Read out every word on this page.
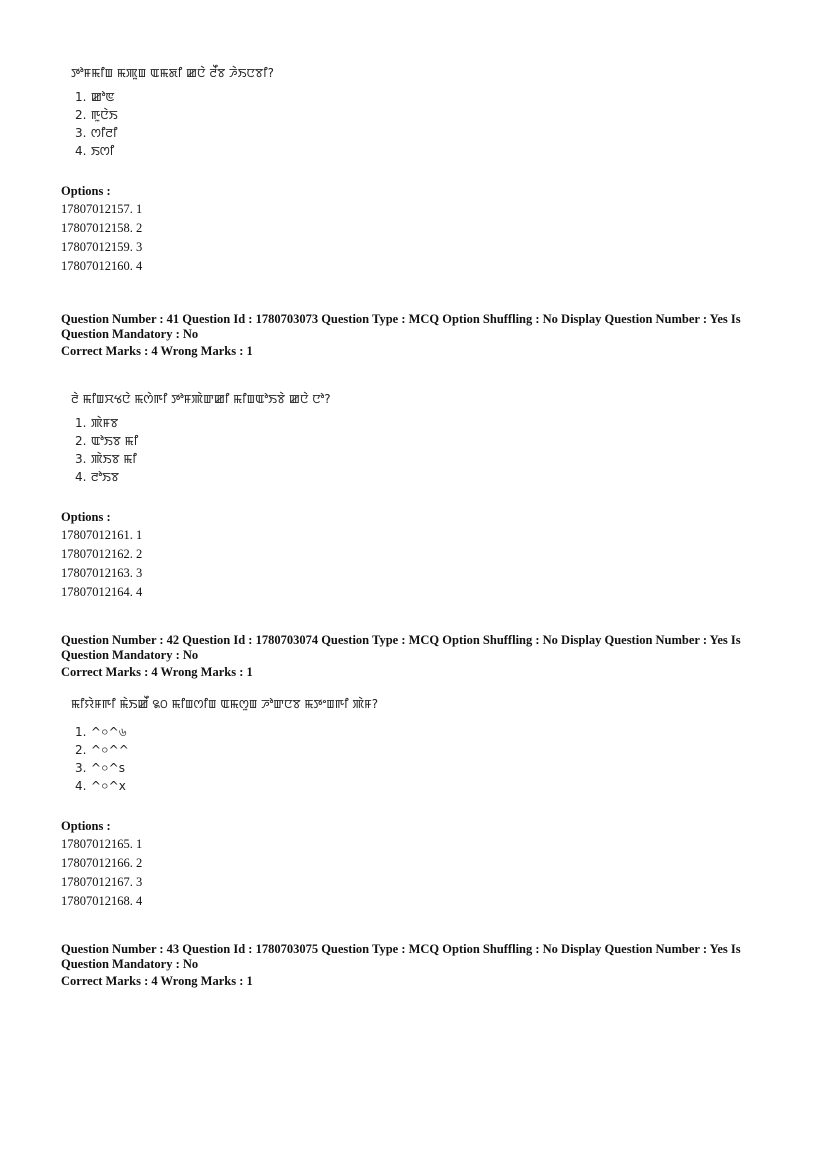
ꯇꯣꯝꯃꯤꯡ ꯃꯄꯨꯡ ꯑꯃꯗꯤ ꯀꯅꯥ ꯂꯩꯕ ꯍꯥꯏꯅꯕꯤ?
1. ꯀꯣꯟ
2. ꯒꯨꯅꯥꯏ
3. ꯁꯤꯂꯤ
4. ꯏꯁꯤ
Options :
17807012157. 1
17807012158. 2
17807012159. 3
17807012160. 4
Question Number : 41 Question Id : 1780703073 Question Type : MCQ Option Shuffling : No Display Question Number : Yes Is
Question Mandatory : No
Correct Marks : 4 Wrong Marks : 1
ꯂꯥ ꯃꯤꯡꯆꯠꯅꯥ ꯃꯁꯥꯒꯤ ꯇꯣꯝꯄꯥꯛꯀꯤ ꯃꯤꯡꯑꯣꯏꯕꯥ ꯀꯅꯥ ꯅꯣ?
1. ꯄꯥꯝꯕ
2. ꯑꯣꯏꯕ ꯃꯤ
3. ꯄꯥꯏꯕ ꯃꯤ
4. ꯂꯣꯏꯕ
Options :
17807012161. 1
17807012162. 2
17807012163. 3
17807012164. 4
Question Number : 42 Question Id : 1780703074 Question Type : MCQ Option Shuffling : No Display Question Number : Yes Is
Question Mandatory : No
Correct Marks : 4 Wrong Marks : 1
ꯃꯤꯌꯥꯝꯒꯤ ꯃꯥꯏꯀꯩ ꯲꯰ ꯃꯤꯡꯁꯤꯡ ꯑꯃꯁꯨꯡ ꯍꯣꯛꯅꯕ ꯃꯇꯦꯡꯒꯤ ꯄꯥꯝ?
1. ^০^৬
2. ^০^^
3. ^০^s
4. ^০^x
Options :
17807012165. 1
17807012166. 2
17807012167. 3
17807012168. 4
Question Number : 43 Question Id : 1780703075 Question Type : MCQ Option Shuffling : No Display Question Number : Yes Is
Question Mandatory : No
Correct Marks : 4 Wrong Marks : 1
